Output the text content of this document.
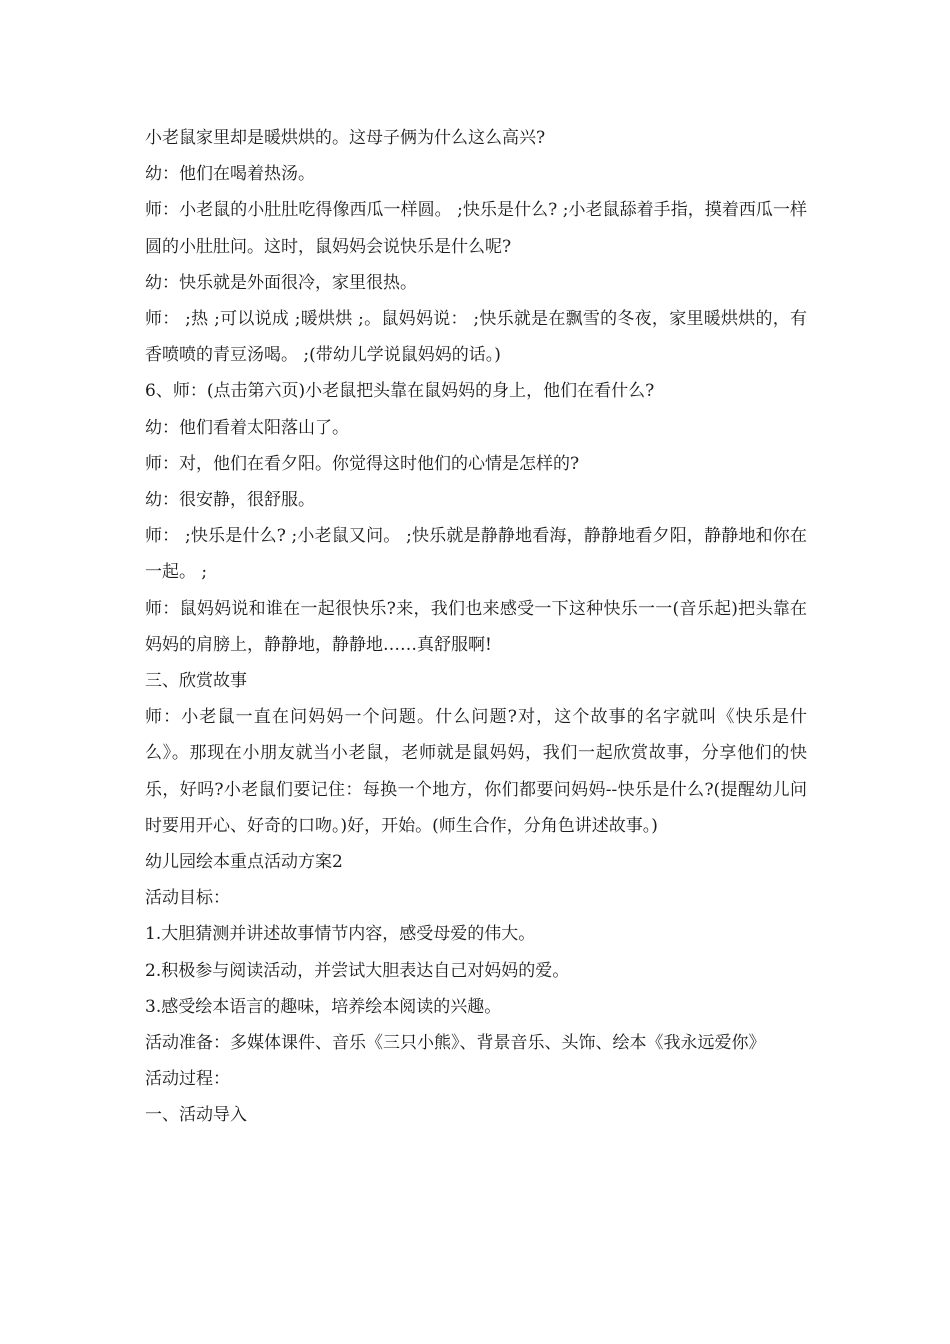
小老鼠家里却是暖烘烘的。这母子俩为什么这么高兴?

幼：他们在喝着热汤。

师：小老鼠的小肚肚吃得像西瓜一样圆。 ;快乐是什么? ;小老鼠舔着手指，摸着西瓜一样圆的小肚肚问。这时，鼠妈妈会说快乐是什么呢?

幼：快乐就是外面很冷，家里很热。

师： ;热 ;可以说成 ;暖烘烘 ;。鼠妈妈说： ;快乐就是在飘雪的冬夜，家里暖烘烘的，有香喷喷的青豆汤喝。 ;(带幼儿学说鼠妈妈的话。)

6、师：(点击第六页)小老鼠把头靠在鼠妈妈的身上，他们在看什么?

幼：他们看着太阳落山了。

师：对，他们在看夕阳。你觉得这时他们的心情是怎样的?

幼：很安静，很舒服。

师： ;快乐是什么? ;小老鼠又问。 ;快乐就是静静地看海，静静地看夕阳，静静地和你在一起。 ;

师：鼠妈妈说和谁在一起很快乐?来，我们也来感受一下这种快乐一一(音乐起)把头靠在妈妈的肩膀上，静静地，静静地……真舒服啊!

三、欣赏故事

师：小老鼠一直在问妈妈一个问题。什么问题?对，这个故事的名字就叫《快乐是什么》。那现在小朋友就当小老鼠，老师就是鼠妈妈，我们一起欣赏故事，分享他们的快乐，好吗?小老鼠们要记住：每换一个地方，你们都要问妈妈--快乐是什么?(提醒幼儿问时要用开心、好奇的口吻。)好，开始。(师生合作，分角色讲述故事。)

幼儿园绘本重点活动方案2

活动目标：

1.大胆猜测并讲述故事情节内容，感受母爱的伟大。

2.积极参与阅读活动，并尝试大胆表达自己对妈妈的爱。

3.感受绘本语言的趣味，培养绘本阅读的兴趣。

活动准备：多媒体课件、音乐《三只小熊》、背景音乐、头饰、绘本《我永远爱你》

活动过程：

一、活动导入
